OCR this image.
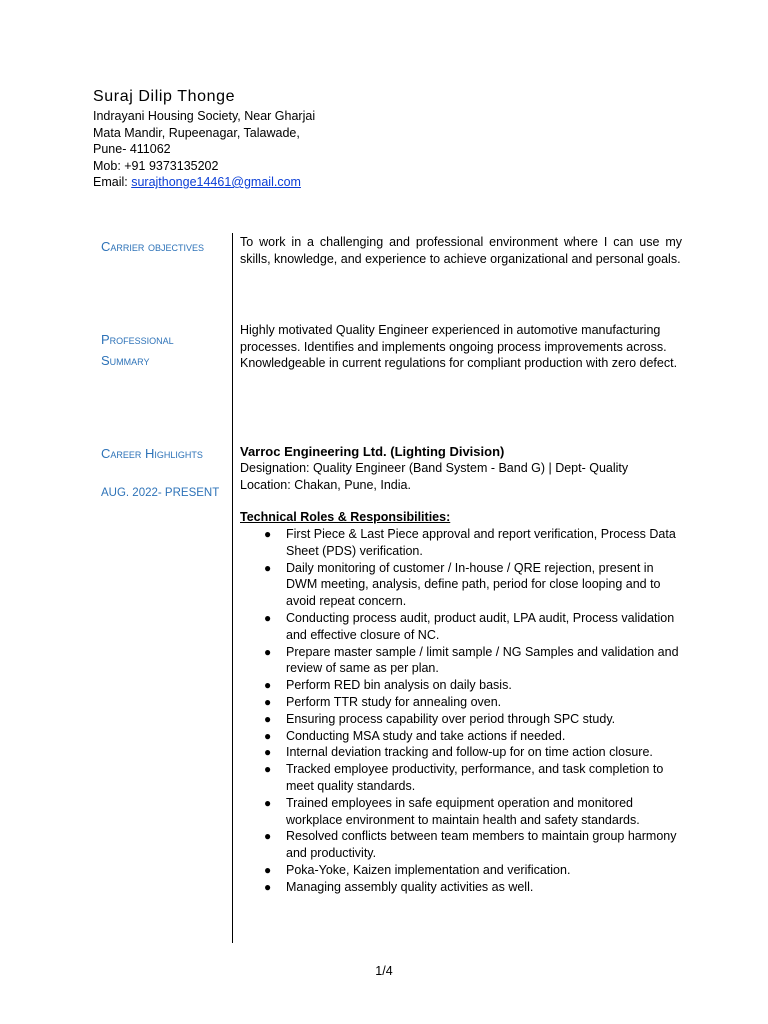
Suraj Dilip Thonge
Indrayani Housing Society, Near Gharjai
Mata Mandir, Rupeenagar, Talawade,
Pune- 411062
Mob: +91 9373135202
Email: surajthonge14461@gmail.com
Carrier objectives	To work in a challenging and professional environment where I can use my skills, knowledge, and experience to achieve organizational and personal goals.
Professional
Summary
Highly motivated Quality Engineer experienced in automotive manufacturing processes. Identifies and implements ongoing process improvements across. Knowledgeable in current regulations for compliant production with zero defect.
Career Highlights
AUG. 2022- PRESENT
Varroc Engineering Ltd. (Lighting Division)
Designation: Quality Engineer (Band System - Band G) | Dept- Quality
Location: Chakan, Pune, India.
Technical Roles & Responsibilities:
● First Piece & Last Piece approval and report verification, Process Data Sheet (PDS) verification.
● Daily monitoring of customer / In-house / QRE rejection, present in DWM meeting, analysis, define path, period for close looping and to avoid repeat concern.
● Conducting process audit, product audit, LPA audit, Process validation and effective closure of NC.
● Prepare master sample / limit sample / NG Samples and validation and review of same as per plan.
● Perform RED bin analysis on daily basis.
● Perform TTR study for annealing oven.
● Ensuring process capability over period through SPC study.
● Conducting MSA study and take actions if needed.
● Internal deviation tracking and follow-up for on time action closure.
● Tracked employee productivity, performance, and task completion to meet quality standards.
● Trained employees in safe equipment operation and monitored workplace environment to maintain health and safety standards.
● Resolved conflicts between team members to maintain group harmony and productivity.
● Poka-Yoke, Kaizen implementation and verification.
● Managing assembly quality activities as well.
1/4
